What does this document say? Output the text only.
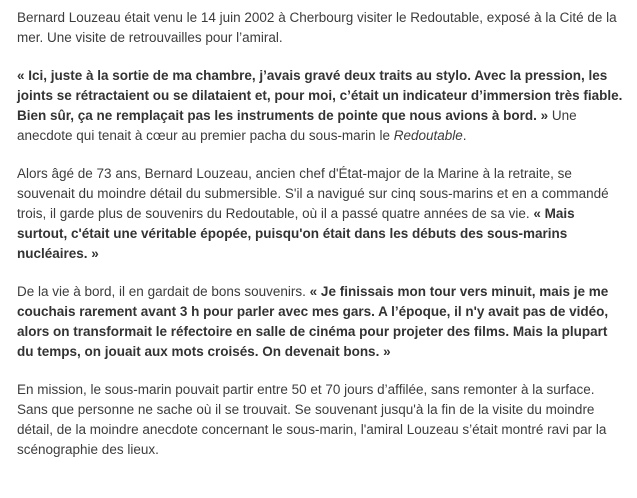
Bernard Louzeau était venu le 14 juin 2002 à Cherbourg visiter le Redoutable, exposé à la Cité de la mer. Une visite de retrouvailles pour l’amiral.

« Ici, juste à la sortie de ma chambre, j’avais gravé deux traits au stylo. Avec la pression, les joints se rétractaient ou se dilataient et, pour moi, c’était un indicateur d’immersion très fiable. Bien sûr, ça ne remplaçait pas les instruments de pointe que nous avions à bord. » Une anecdote qui tenait à cœur au premier pacha du sous-marin le Redoutable.

Alors âgé de 73 ans, Bernard Louzeau, ancien chef d'État-major de la Marine à la retraite, se souvenait du moindre détail du submersible. S'il a navigué sur cinq sous-marins et en a commandé trois, il garde plus de souvenirs du Redoutable, où il a passé quatre années de sa vie. « Mais surtout, c'était une véritable épopée, puisqu'on était dans les débuts des sous-marins nucléaires. »

De la vie à bord, il en gardait de bons souvenirs. « Je finissais mon tour vers minuit, mais je me couchais rarement avant 3 h pour parler avec mes gars. A l’époque, il n'y avait pas de vidéo, alors on transformait le réfectoire en salle de cinéma pour projeter des films. Mais la plupart du temps, on jouait aux mots croisés. On devenait bons. »

En mission, le sous-marin pouvait partir entre 50 et 70 jours d’affilée, sans remonter à la surface. Sans que personne ne sache où il se trouvait. Se souvenant jusqu'à la fin de la visite du moindre détail, de la moindre anecdote concernant le sous-marin, l'amiral Louzeau s’était montré ravi par la scénographie des lieux.
